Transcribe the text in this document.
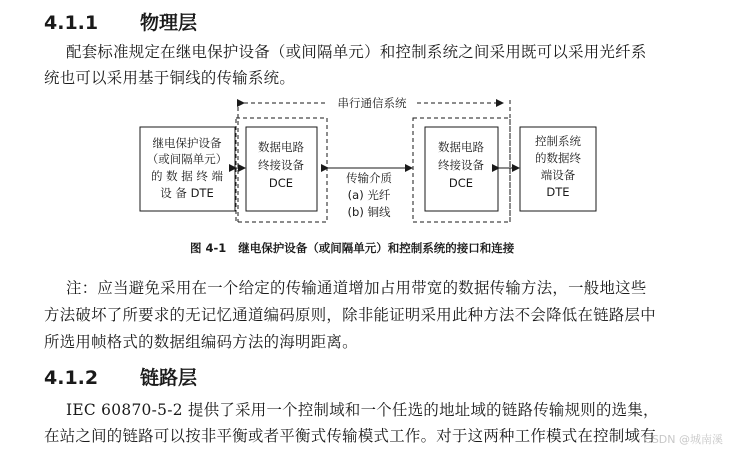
4.1.1 物理层
配套标准规定在继电保护设备（或间隔单元）和控制系统之间采用既可以采用光纤系
统也可以采用基于铜线的传输系统。
串行通信系统
继电保护设备
（或间隔单元）
的 数 据 终 端
设 备 DTE
数据电路
终接设备
DCE	传输介质
(a) 光纤
(b) 铜线
数据电路
终接设备
DCE
控制系统
的数据终
端设备
DTE
图 4-1 继电保护设备（或间隔单元）和控制系统的接口和连接
注：应当避免采用在一个给定的传输通道增加占用带宽的数据传输方法，一般地这些
方法破坏了所要求的无记忆通道编码原则，除非能证明采用此种方法不会降低在链路层中
所选用帧格式的数据组编码方法的海明距离。
4.1.2 链路层
IEC 60870-5-2 提供了采用一个控制域和一个任选的地址域的链路传输规则的选集，
在站之间的链路可以按非平衡或者平衡式传输模式工作。对于这两种工作模式在控制域有
CSDN @城南溪
